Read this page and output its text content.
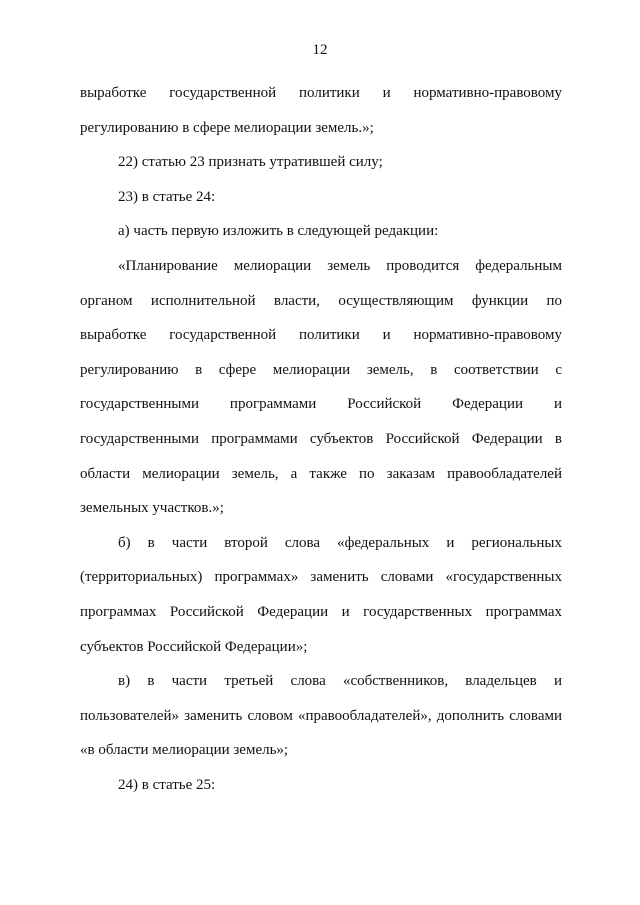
12
выработке государственной политики и нормативно-правовому
регулированию в сфере мелиорации земель.»;
22) статью 23 признать утратившей силу;
23) в статье 24:
а) часть первую изложить в следующей редакции:
«Планирование мелиорации земель проводится федеральным
органом исполнительной власти, осуществляющим функции по
выработке государственной политики и нормативно-правовому
регулированию в сфере мелиорации земель, в соответствии с
государственными программами Российской Федерации и
государственными программами субъектов Российской Федерации в
области мелиорации земель, а также по заказам правообладателей
земельных участков.»;
б) в части второй слова «федеральных и региональных
(территориальных) программах» заменить словами «государственных
программах Российской Федерации и государственных программах
субъектов Российской Федерации»;
в) в части третьей слова «собственников, владельцев и
пользователей» заменить словом «правообладателей», дополнить словами
«в области мелиорации земель»;
24) в статье 25:
